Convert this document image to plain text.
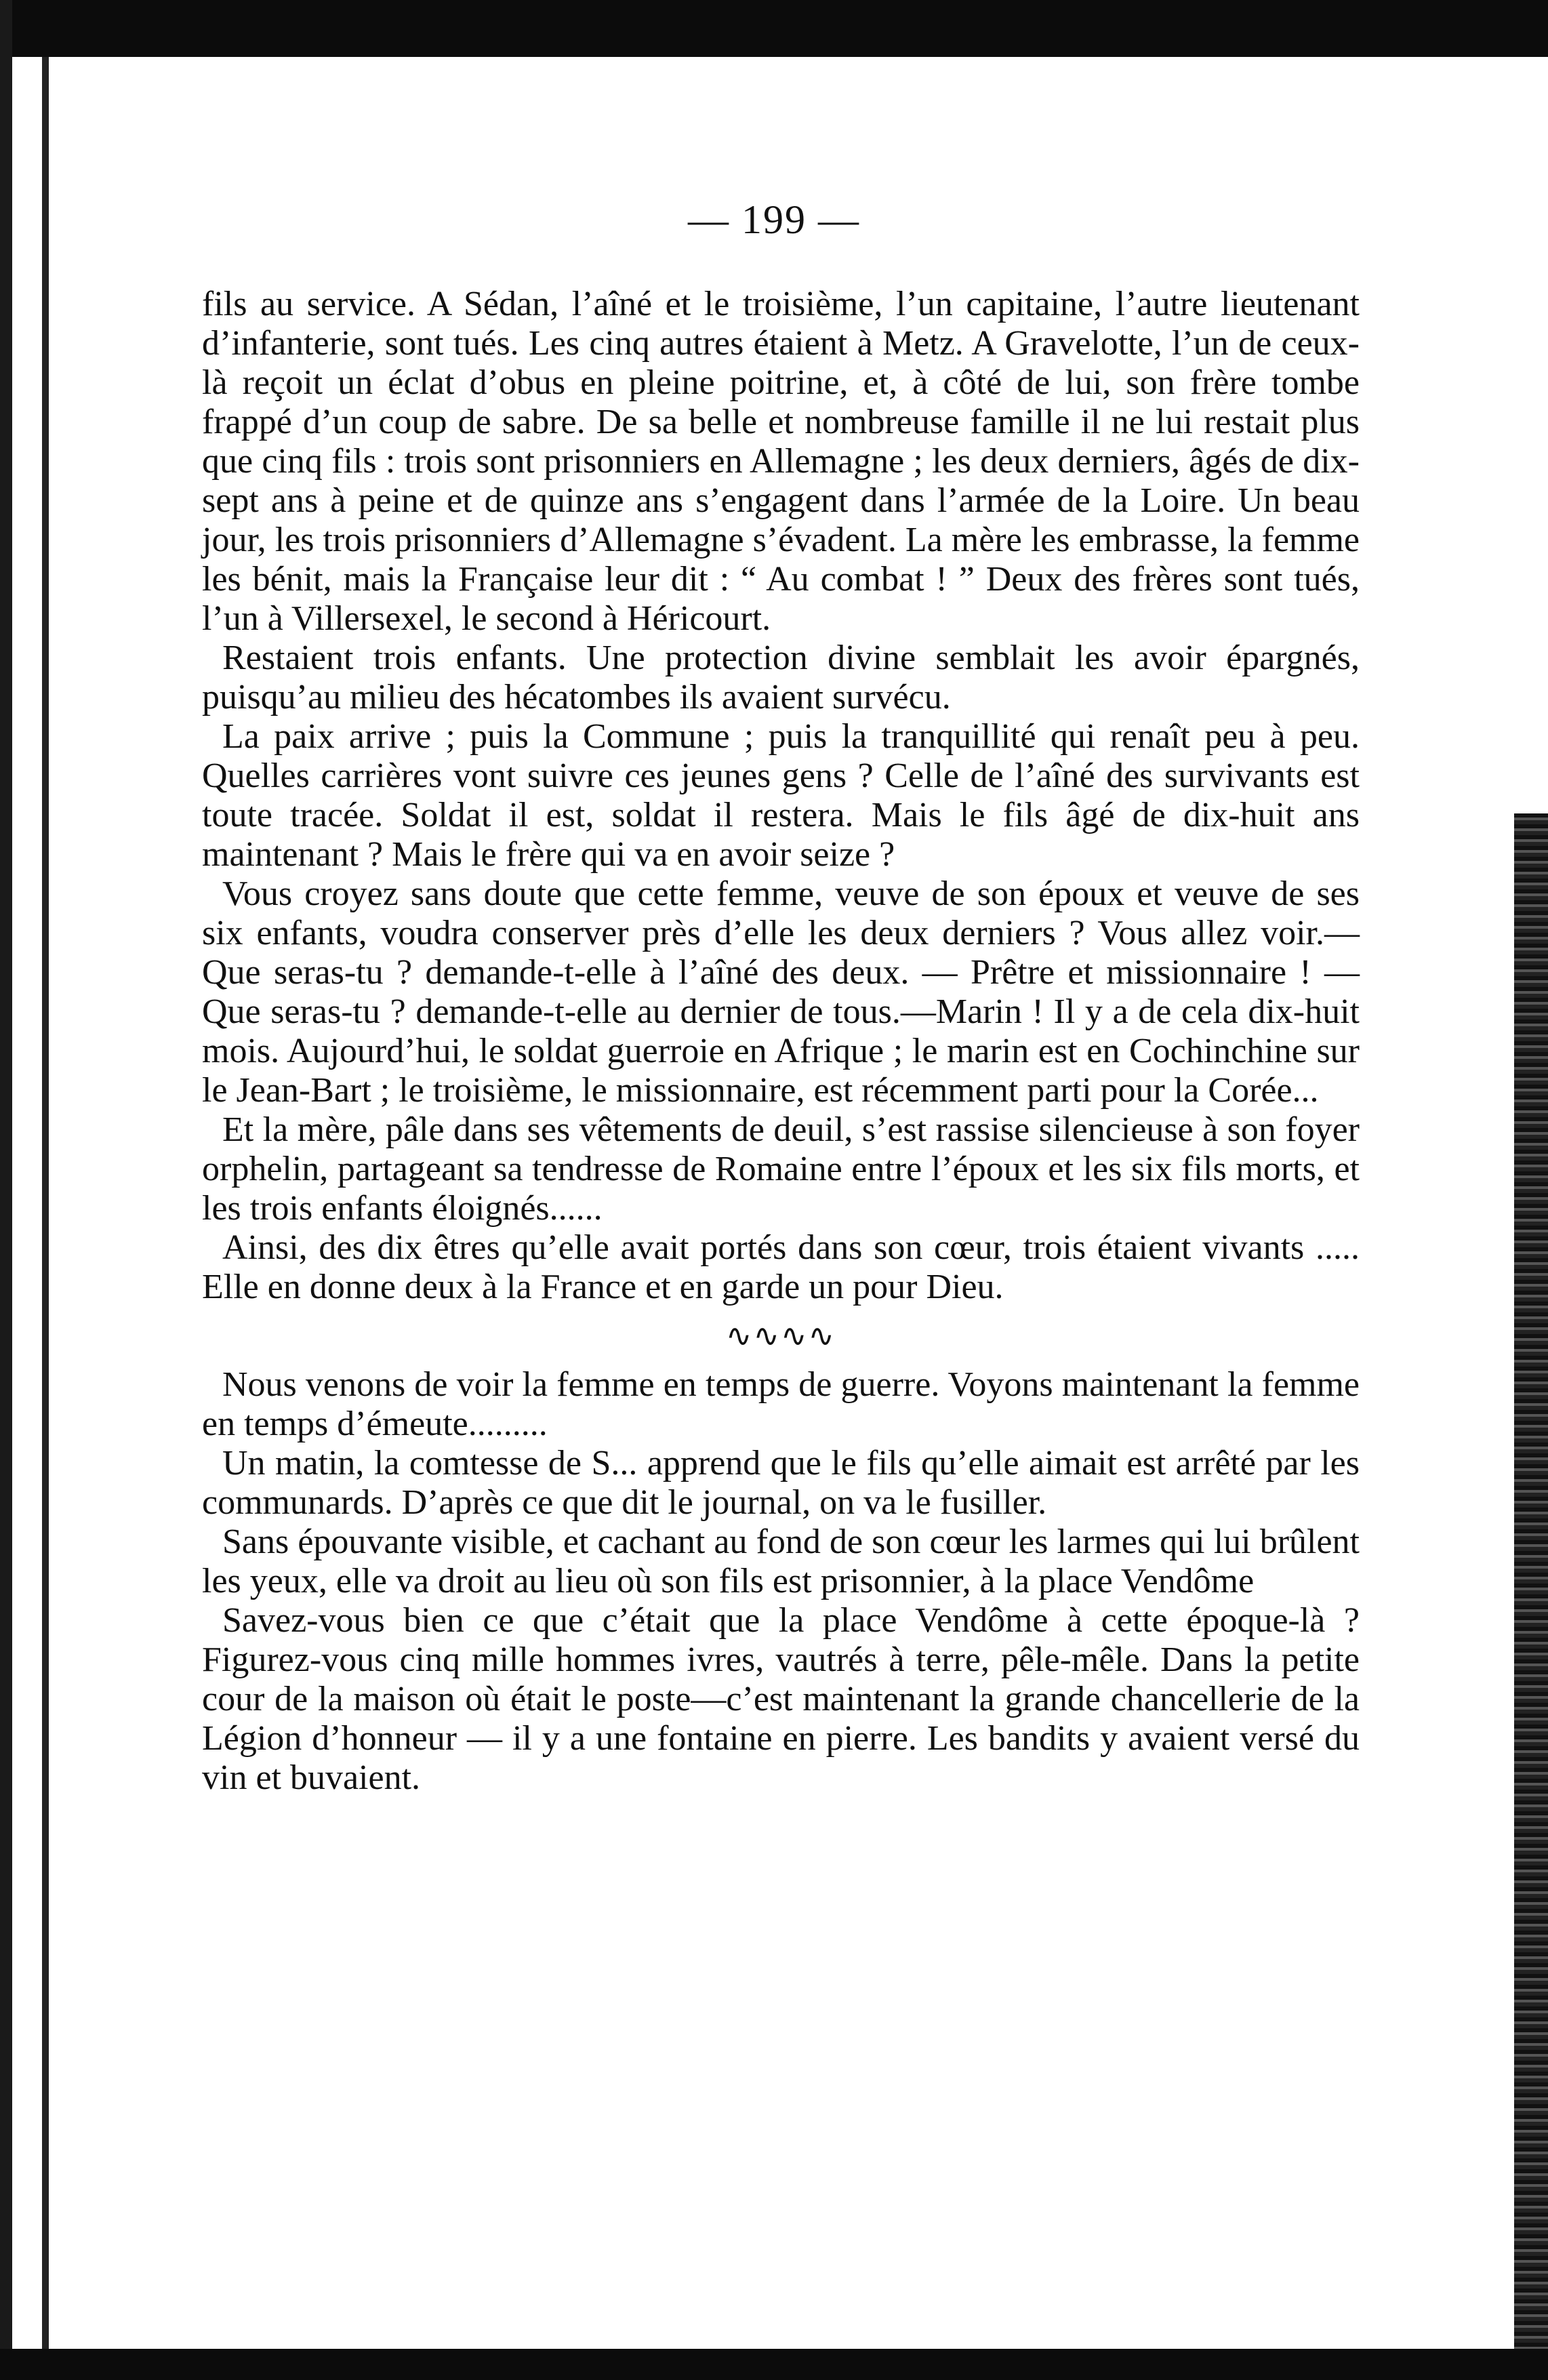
— 199 —

fils au service. A Sédan, l’aîné et le troisième, l’un capitaine, l’autre lieutenant d’infanterie, sont tués. Les cinq autres étaient à Metz. A Gravelotte, l’un de ceux-là reçoit un éclat d’obus en pleine poitrine, et, à côté de lui, son frère tombe frappé d’un coup de sabre. De sa belle et nombreuse famille il ne lui restait plus que cinq fils : trois sont prisonniers en Allemagne ; les deux derniers, âgés de dix-sept ans à peine et de quinze ans s’engagent dans l’armée de la Loire. Un beau jour, les trois prisonniers d’Allemagne s’évadent. La mère les embrasse, la femme les bénit, mais la Française leur dit : “ Au combat ! ” Deux des frères sont tués, l’un à Villersexel, le second à Héricourt.

Restaient trois enfants. Une protection divine semblait les avoir épargnés, puisqu’au milieu des hécatombes ils avaient survécu.

La paix arrive ; puis la Commune ; puis la tranquillité qui renaît peu à peu. Quelles carrières vont suivre ces jeunes gens ? Celle de l’aîné des survivants est toute tracée. Soldat il est, soldat il restera. Mais le fils âgé de dix-huit ans maintenant ? Mais le frère qui va en avoir seize ?

Vous croyez sans doute que cette femme, veuve de son époux et veuve de ses six enfants, voudra conserver près d’elle les deux derniers ? Vous allez voir.—Que seras-tu ? demande-t-elle à l’aîné des deux. — Prêtre et missionnaire ! — Que seras-tu ? demande-t-elle au dernier de tous.—Marin ! Il y a de cela dix-huit mois. Aujourd’hui, le soldat guerroie en Afrique ; le marin est en Cochinchine sur le Jean-Bart ; le troisième, le missionnaire, est récemment parti pour la Corée...

Et la mère, pâle dans ses vêtements de deuil, s’est rassise silencieuse à son foyer orphelin, partageant sa tendresse de Romaine entre l’époux et les six fils morts, et les trois enfants éloignés......

Ainsi, des dix êtres qu’elle avait portés dans son cœur, trois étaient vivants ..... Elle en donne deux à la France et en garde un pour Dieu.

∿∿∿∿

Nous venons de voir la femme en temps de guerre. Voyons maintenant la femme en temps d’émeute.........

Un matin, la comtesse de S... apprend que le fils qu’elle aimait est arrêté par les communards. D’après ce que dit le journal, on va le fusiller.

Sans épouvante visible, et cachant au fond de son cœur les larmes qui lui brûlent les yeux, elle va droit au lieu où son fils est prisonnier, à la place Vendôme

Savez-vous bien ce que c’était que la place Vendôme à cette époque-là ? Figurez-vous cinq mille hommes ivres, vautrés à terre, pêle-mêle. Dans la petite cour de la maison où était le poste—c’est maintenant la grande chancellerie de la Légion d’honneur — il y a une fontaine en pierre. Les bandits y avaient versé du vin et buvaient.
